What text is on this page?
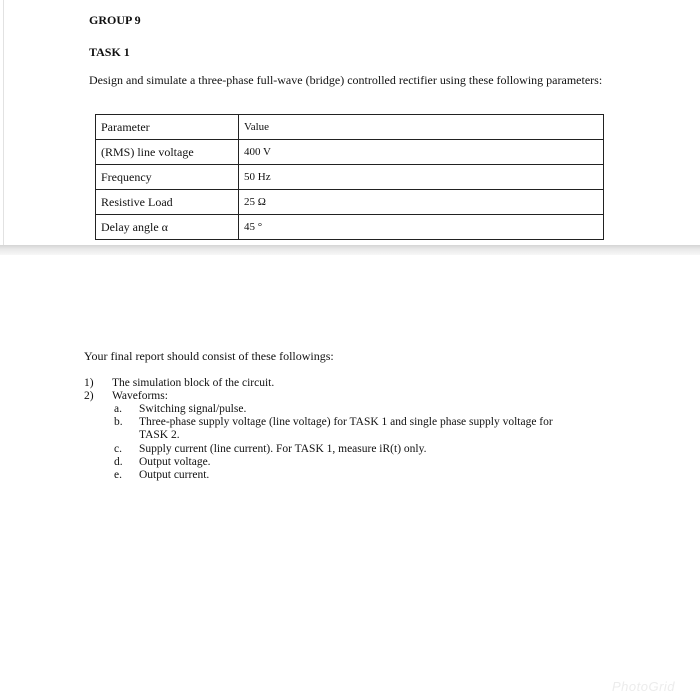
GROUP 9
TASK 1
Design and simulate a three-phase full-wave (bridge) controlled rectifier using these following parameters:
Parameter	Value
(RMS) line voltage	400 V
Frequency	50 Hz
Resistive Load	25 Ω
Delay angle α	45 °
Your final report should consist of these followings:
1) The simulation block of the circuit.
2) Waveforms:
a. Switching signal/pulse.
b. Three-phase supply voltage (line voltage) for TASK 1 and single phase supply voltage for
TASK 2.
c. Supply current (line current). For TASK 1, measure iR(t) only.
d. Output voltage.
e. Output current.
PhotoGrid
